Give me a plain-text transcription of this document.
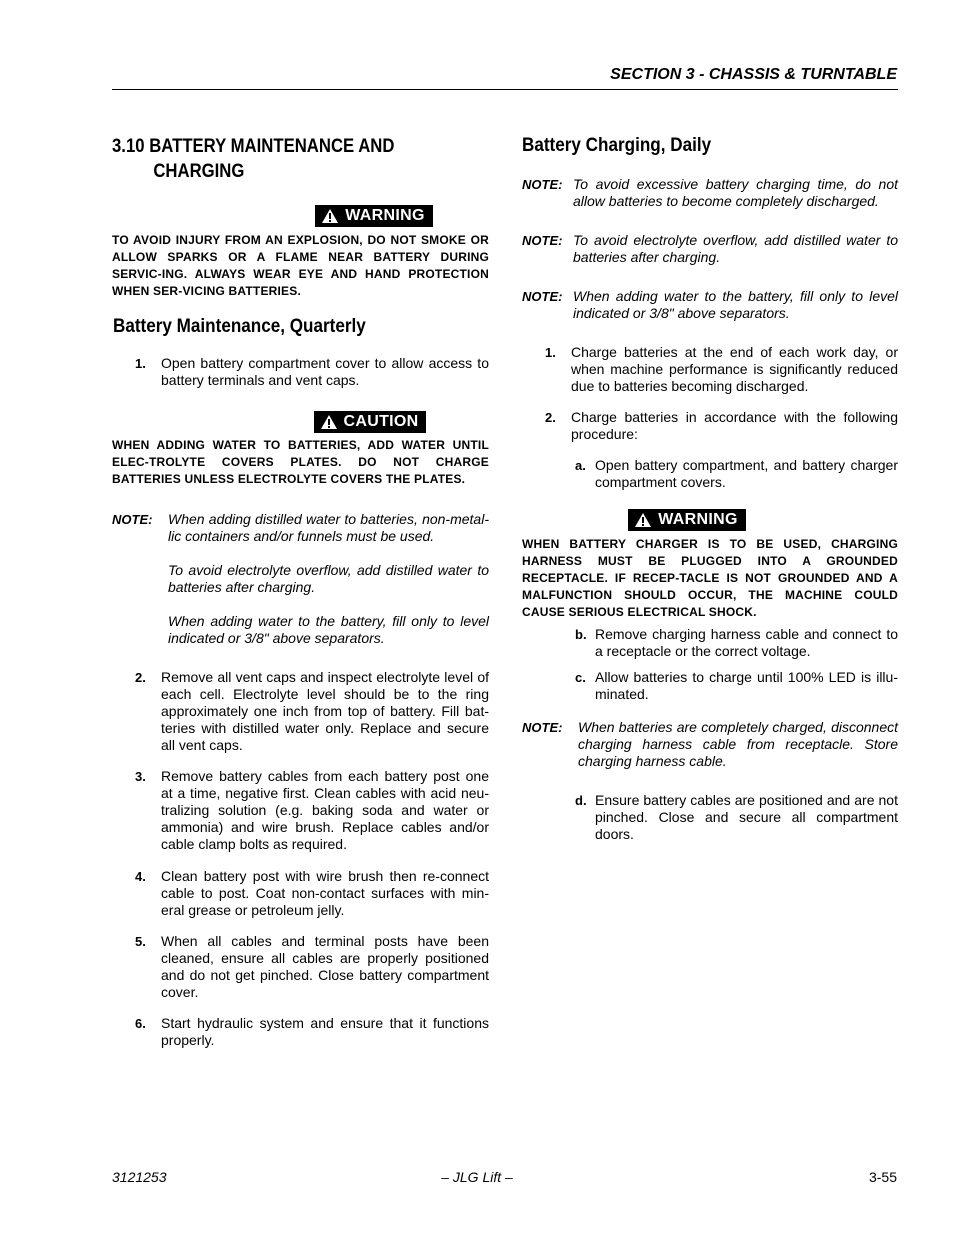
SECTION 3 - CHASSIS & TURNTABLE
3.10 BATTERY MAINTENANCE AND
CHARGING
WARNING
TO AVOID INJURY FROM AN EXPLOSION, DO NOT SMOKE OR ALLOW SPARKS OR A FLAME NEAR BATTERY DURING SERVIC-ING. ALWAYS WEAR EYE AND HAND PROTECTION WHEN SER-VICING BATTERIES.
Battery Maintenance, Quarterly
1. Open battery compartment cover to allow access to battery terminals and vent caps.
CAUTION
WHEN ADDING WATER TO BATTERIES, ADD WATER UNTIL ELEC-TROLYTE COVERS PLATES. DO NOT CHARGE BATTERIES UNLESS ELECTROLYTE COVERS THE PLATES.
NOTE: When adding distilled water to batteries, non-metal-lic containers and/or funnels must be used.
To avoid electrolyte overflow, add distilled water to batteries after charging.
When adding water to the battery, fill only to level indicated or 3/8" above separators.
2. Remove all vent caps and inspect electrolyte level of each cell. Electrolyte level should be to the ring approximately one inch from top of battery. Fill bat-teries with distilled water only. Replace and secure all vent caps.
3. Remove battery cables from each battery post one at a time, negative first. Clean cables with acid neu-tralizing solution (e.g. baking soda and water or ammonia) and wire brush. Replace cables and/or cable clamp bolts as required.
4. Clean battery post with wire brush then re-connect cable to post. Coat non-contact surfaces with min-eral grease or petroleum jelly.
5. When all cables and terminal posts have been cleaned, ensure all cables are properly positioned and do not get pinched. Close battery compartment cover.
6. Start hydraulic system and ensure that it functions properly.
Battery Charging, Daily
NOTE: To avoid excessive battery charging time, do not allow batteries to become completely discharged.
NOTE: To avoid electrolyte overflow, add distilled water to batteries after charging.
NOTE: When adding water to the battery, fill only to level indicated or 3/8" above separators.
1. Charge batteries at the end of each work day, or when machine performance is significantly reduced due to batteries becoming discharged.
2. Charge batteries in accordance with the following procedure:
a. Open battery compartment, and battery charger compartment covers.
WARNING
WHEN BATTERY CHARGER IS TO BE USED, CHARGING HARNESS MUST BE PLUGGED INTO A GROUNDED RECEPTACLE. IF RECEP-TACLE IS NOT GROUNDED AND A MALFUNCTION SHOULD OCCUR, THE MACHINE COULD CAUSE SERIOUS ELECTRICAL SHOCK.
b. Remove charging harness cable and connect to a receptacle or the correct voltage.
c. Allow batteries to charge until 100% LED is illu-minated.
NOTE: When batteries are completely charged, disconnect charging harness cable from receptacle. Store charging harness cable.
d. Ensure battery cables are positioned and are not pinched. Close and secure all compartment doors.
3121253	– JLG Lift –	3-55
